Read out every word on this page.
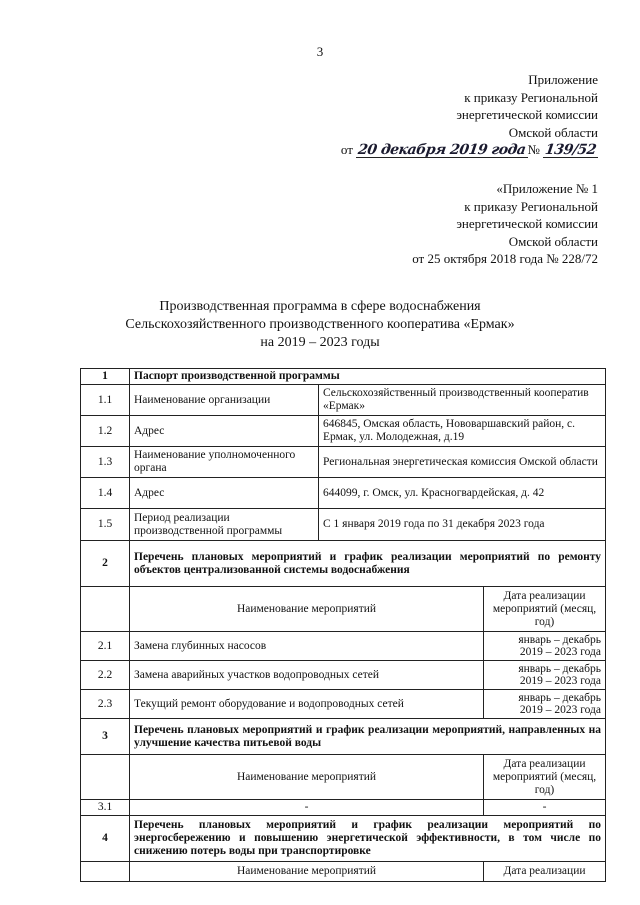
3
Приложение
к приказу Региональной
энергетической комиссии
Омской области
от 20 декабря 2019 года№ 139/52
«Приложение № 1
к приказу Региональной
энергетической комиссии
Омской области
от 25 октября 2018 года № 228/72
Производственная программа в сфере водоснабжения
Сельскохозяйственного производственного кооператива «Ермак»
на 2019 – 2023 годы
1	Паспорт производственной программы		
1.1	Наименование организации	Сельскохозяйственный производственный кооператив «Ермак»	
1.2	Адрес	646845, Омская область, Нововаршавский район, с. Ермак, ул. Молодежная, д.19	
1.3	Наименование уполномоченного органа	Региональная энергетическая комиссия Омской области	
1.4	Адрес	644099, г. Омск, ул. Красногвардейская, д. 42	
1.5	Период реализации производственной программы	С 1 января 2019 года по 31 декабря 2023 года	
2	Перечень плановых мероприятий и график реализации мероприятий по ремонту объектов централизованной системы водоснабжения		
	Наименование мероприятий		Дата реализации мероприятий (месяц, год)
2.1	Замена глубинных насосов		январь – декабрь
2019 – 2023 года
2.2	Замена аварийных участков водопроводных сетей		январь – декабрь
2019 – 2023 года
2.3	Текущий ремонт оборудование и водопроводных сетей		январь – декабрь
2019 – 2023 года
3	Перечень плановых мероприятий и график реализации мероприятий, направленных на улучшение качества питьевой воды		
	Наименование мероприятий		Дата реализации мероприятий (месяц, год)
3.1	-		-
4	Перечень плановых мероприятий и график реализации мероприятий по энергосбережению и повышению энергетической эффективности, в том числе по снижению потерь воды при транспортировке		
	Наименование мероприятий		Дата реализации
